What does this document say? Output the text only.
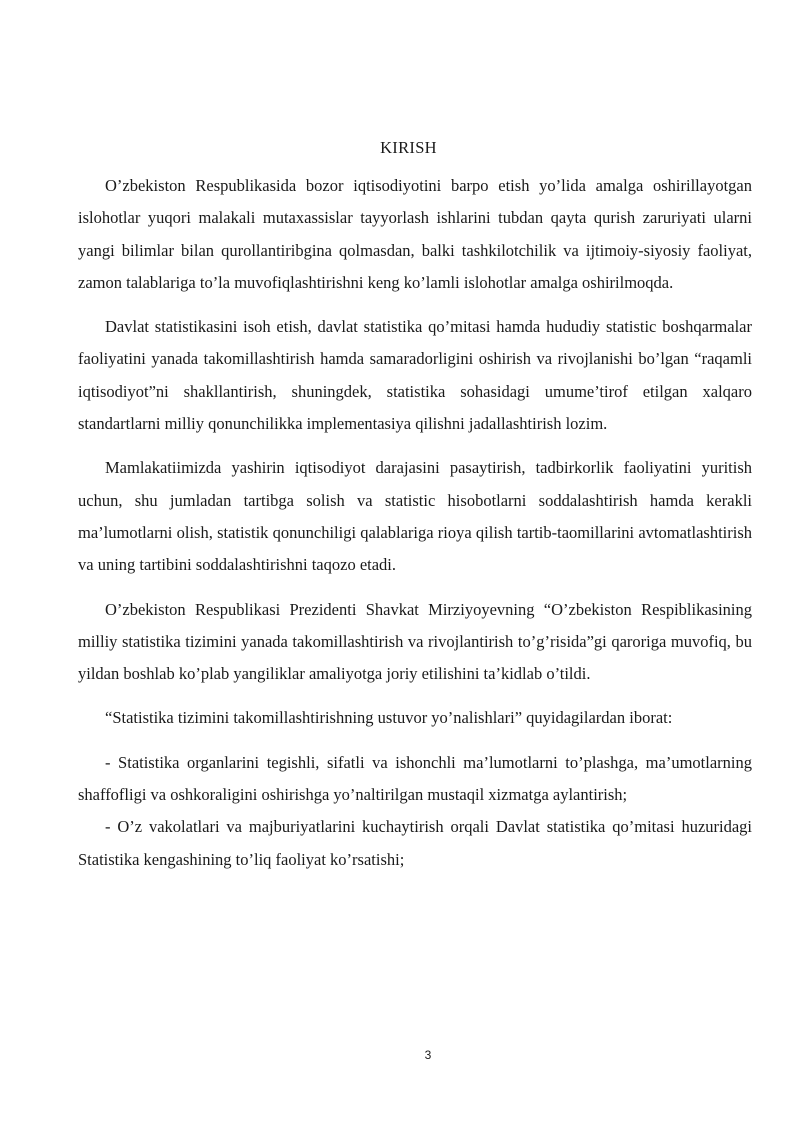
KIRISH

O’zbekiston Respublikasida bozor iqtisodiyotini barpo etish yo’lida amalga oshirillayotgan islohotlar yuqori malakali mutaxassislar tayyorlash ishlarini tubdan qayta qurish zaruriyati ularni yangi bilimlar bilan qurollantiribgina qolmasdan, balki tashkilotchilik va ijtimoiy-siyosiy faoliyat, zamon talablariga to’la muvofiqlashtirishni keng ko’lamli islohotlar amalga oshirilmoqda.

Davlat statistikasini isoh etish, davlat statistika qo’mitasi hamda hududiy statistic boshqarmalar faoliyatini yanada takomillashtirish hamda samaradorligini oshirish va rivojlanishi bo’lgan “raqamli iqtisodiyot”ni shakllantirish, shuningdek, statistika sohasidagi umume’tirof etilgan xalqaro standartlarni milliy qonunchilikka implementasiya qilishni jadallashtirish lozim.

Mamlakatiimizda yashirin iqtisodiyot darajasini pasaytirish, tadbirkorlik faoliyatini yuritish uchun, shu jumladan tartibga solish va statistic hisobotlarni soddalashtirish hamda kerakli ma’lumotlarni olish, statistik qonunchiligi qalablariga rioya qilish tartib-taomillarini avtomatlashtirish va uning tartibini soddalashtirishni taqozo etadi.

O’zbekiston Respublikasi Prezidenti Shavkat Mirziyoyevning “O’zbekiston Respiblikasining milliy statistika tizimini yanada takomillashtirish va rivojlantirish to’g’risida”gi qaroriga muvofiq, bu yildan boshlab ko’plab yangiliklar amaliyotga joriy etilishini ta’kidlab o’tildi.

“Statistika tizimini takomillashtirishning ustuvor yo’nalishlari” quyidagilardan iborat:

- Statistika organlarini tegishli, sifatli va ishonchli ma’lumotlarni to’plashga, ma’umotlarning shaffofligi va oshkoraligini oshirishga yo’naltirilgan mustaqil xizmatga aylantirish;

- O’z vakolatlari va majburiyatlarini kuchaytirish orqali Davlat statistika qo’mitasi huzuridagi Statistika kengashining to’liq faoliyat ko’rsatishi;

3
